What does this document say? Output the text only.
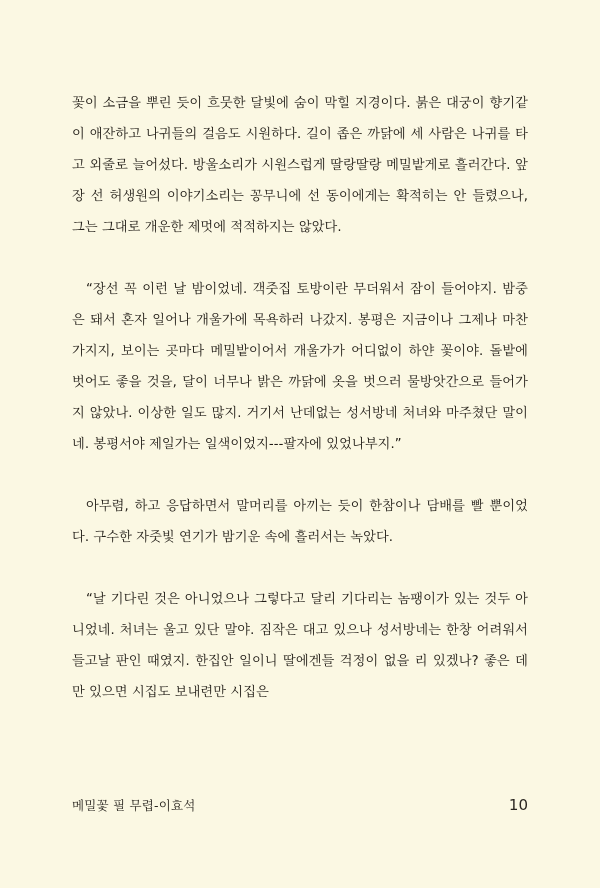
꽃이 소금을 뿌린 듯이 흐뭇한 달빛에 숨이 막힐 지경이다. 붉은 대궁이 향기같이 애잔하고 나귀들의 걸음도 시원하다. 길이 좁은 까닭에 세 사람은 나귀를 타고 외줄로 늘어섰다. 방울소리가 시원스럽게 딸랑딸랑 메밀밭게로 흘러간다. 앞장 선 허생원의 이야기소리는 꽁무니에 선 동이에게는 확적히는 안 들렸으나, 그는 그대로 개운한 제멋에 적적하지는 않았다.

“장선 꼭 이런 날 밤이었네. 객줏집 토방이란 무더워서 잠이 들어야지. 밤중은 돼서 혼자 일어나 개울가에 목욕하러 나갔지. 봉평은 지금이나 그제나 마찬가지지, 보이는 곳마다 메밀밭이어서 개울가가 어디없이 하얀 꽃이야. 돌밭에 벗어도 좋을 것을, 달이 너무나 밝은 까닭에 옷을 벗으러 물방앗간으로 들어가지 않았나. 이상한 일도 많지. 거기서 난데없는 성서방네 처녀와 마주쳤단 말이네. 봉평서야 제일가는 일색이었지---팔자에 있었나부지.”

아무렴, 하고 응답하면서 말머리를 아끼는 듯이 한참이나 담배를 빨 뿐이었다. 구수한 자줏빛 연기가 밤기운 속에 흘러서는 녹았다.

“날 기다린 것은 아니었으나 그렇다고 달리 기다리는 놈팽이가 있는 것두 아니었네. 처녀는 울고 있단 말야. 짐작은 대고 있으나 성서방네는 한창 어려워서 들고날 판인 때였지. 한집안 일이니 딸에겐들 걱정이 없을 리 있겠나? 좋은 데만 있으면 시집도 보내련만 시집은

메밀꽃 필 무렵-이효석	10
